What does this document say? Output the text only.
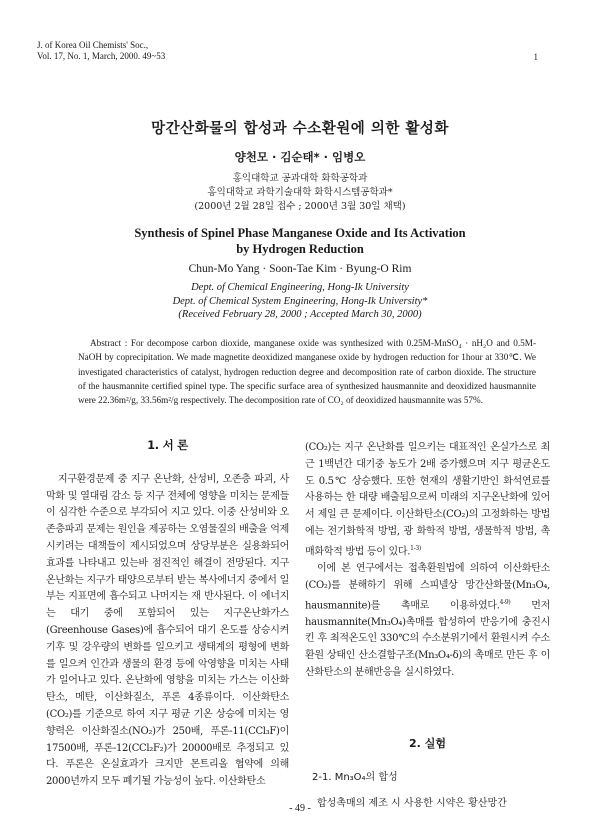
J. of Korea Oil Chemists' Soc.,
Vol. 17, No. 1, March, 2000. 49~53	1
망간산화물의 합성과 수소환원에 의한 활성화
양천모 · 김순태* · 임병오
홍익대학교 공과대학 화학공학과
홍익대학교 과학기술대학 화학시스템공학과*
(2000년 2월 28일 접수 ; 2000년 3월 30일 채택)
Synthesis of Spinel Phase Manganese Oxide and Its Activation
by Hydrogen Reduction
Chun-Mo Yang · Soon-Tae Kim · Byung-O Rim
Dept. of Chemical Engineering, Hong-Ik University
Dept. of Chemical System Engineering, Hong-Ik University*
(Received February 28, 2000 ; Accepted March 30, 2000)
Abstract : For decompose carbon dioxide, manganese oxide was synthesized with 0.25M-MnSO₄ · nH₂O and 0.5M-NaOH by coprecipitation. We made magnetite deoxidized manganese oxide by hydrogen reduction for 1hour at 330℃. We investigated characteristics of catalyst, hydrogen reduction degree and decomposition rate of carbon dioxide. The structure of the hausmannite certified spinel type. The specific surface area of synthesized hausmannite and deoxidized hausmannite were 22.36m²/g, 33.56m²/g respectively. The decomposition rate of CO₂ of deoxidized hausmannite was 57%.
1. 서 론

지구환경문제 중 지구 온난화, 산성비, 오존층 파괴, 사막화 및 열대림 감소 등 지구 전체에 영향을 미치는 문제들이 심각한 수준으로 부각되어 지고 있다. 이중 산성비와 오존층파괴 문제는 원인을 제공하는 오염물질의 배출을 억제시키려는 대책들이 제시되었으며 상당부분은 실용화되어 효과를 나타내고 있는바 점진적인 해결이 전망된다. 지구온난화는 지구가 태양으로부터 받는 복사에너지 중에서 일부는 지표면에 흡수되고 나머지는 재 반사된다. 이 에너지는 대기 중에 포함되어 있는 지구온난화가스(Greenhouse Gases)에 흡수되어 대기 온도를 상승시켜 기후 및 강우량의 변화를 일으키고 생태계의 평형에 변화를 일으켜 인간과 생물의 환경 등에 악영향을 미치는 사태가 일어나고 있다. 온난화에 영향을 미치는 가스는 이산화탄소, 메탄, 이산화질소, 푸론 4종류이다. 이산화탄소(CO₂)를 기준으로 하여 지구 평균 기온 상승에 미치는 영향력은 이산화질소(NO₂)가 250배, 푸론-11(CCl₃F)이 17500배, 푸론-12(CCl₂F₂)가 20000배로 추정되고 있다. 푸론은 온실효과가 크지만 몬트리올 협약에 의해 2000년까지 모두 폐기될 가능성이 높다. 이산화탄소

(CO₂)는 지구 온난화를 일으키는 대표적인 온실가스로 최근 1백년간 대기중 농도가 2배 증가했으며 지구 평균온도도 0.5℃ 상승했다. 또한 현재의 생활기반인 화석연료를 사용하는 한 대량 배출됨으로써 미래의 지구온난화에 있어서 제일 큰 문제이다. 이산화탄소(CO₂)의 고정화하는 방법에는 전기화학적 방법, 광 화학적 방법, 생물학적 방법, 촉매화학적 방법 등이 있다.$^{1-3)}$

이에 본 연구에서는 접촉환원법에 의하여 이산화탄소(CO₂)를 분해하기 위해 스피넬상 망간산화물(Mn₃O₄, hausmannite)를 촉매로 이용하였다.$^{4-9)}$ 먼저 hausmannite(Mn₃O₄)촉매를 합성하여 반응기에 충진시킨 후 최적온도인 330℃의 수소분위기에서 환원시켜 수소환원 상태인 산소결함구조(Mn₃O₄-δ)의 촉매로 만든 후 이산화탄소의 분해반응을 실시하였다.

2. 실험
2-1. Mn₃O₄의 합성
합성촉매의 제조 시 사용한 시약은 황산망간
- 49 -
